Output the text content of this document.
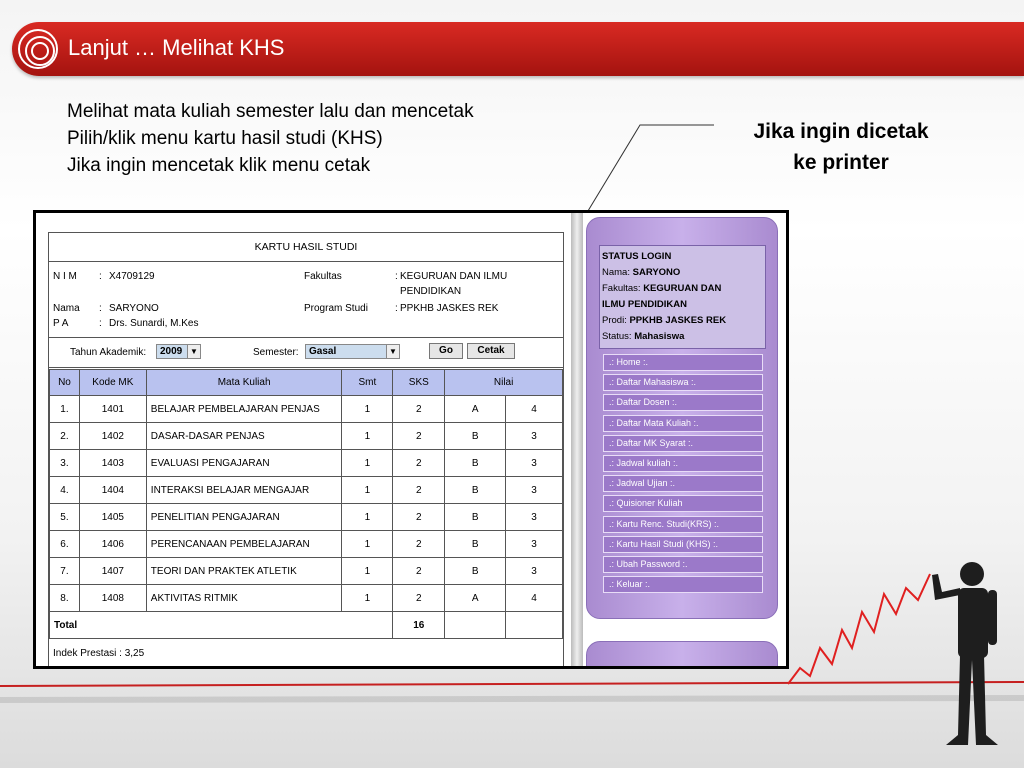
Lanjut … Melihat KHS
Melihat mata kuliah semester lalu dan mencetak
Pilih/klik menu kartu hasil studi (KHS)
Jika ingin mencetak klik menu cetak
Jika ingin dicetak
ke printer
KARTU HASIL STUDI
N I M : X4709129
Nama : SARYONO
P A	: Drs. Sunardi, M.Kes
Fakultas	: KEGURUAN DAN ILMU
PENDIDIKAN
Program Studi	: PPKHB JASKES REK
Tahun Akademik:	2009 ▼	Semester:	Gasal	▼	Go	Cetak
No	Kode MK	Mata Kuliah	Smt	SKS	Nilai	
1.	1401	BELAJAR PEMBELAJARAN PENJAS	1	2	A	4
2.	1402	DASAR-DASAR PENJAS	1	2	B	3
3.	1403	EVALUASI PENGAJARAN	1	2	B	3
4.	1404	INTERAKSI BELAJAR MENGAJAR	1	2	B	3
5.	1405	PENELITIAN PENGAJARAN	1	2	B	3
6.	1406	PERENCANAAN PEMBELAJARAN	1	2	B	3
7.	1407	TEORI DAN PRAKTEK ATLETIK	1	2	B	3
8.	1408	AKTIVITAS RITMIK	1	2	A	4
Total				16		
Indek Prestasi : 3,25
STATUS LOGIN
Nama: SARYONO
Fakultas: KEGURUAN DAN
ILMU PENDIDIKAN
Prodi: PPKHB JASKES REK
Status: Mahasiswa
.: Home :.
.: Daftar Mahasiswa :.
.: Daftar Dosen :.
.: Daftar Mata Kuliah :.
.: Daftar MK Syarat :.
.: Jadwal kuliah :.
.: Jadwal Ujian :.
.: Quisioner Kuliah
.: Kartu Renc. Studi(KRS) :.
.: Kartu Hasil Studi (KHS) :.
.: Ubah Password :.
.: Keluar :.
